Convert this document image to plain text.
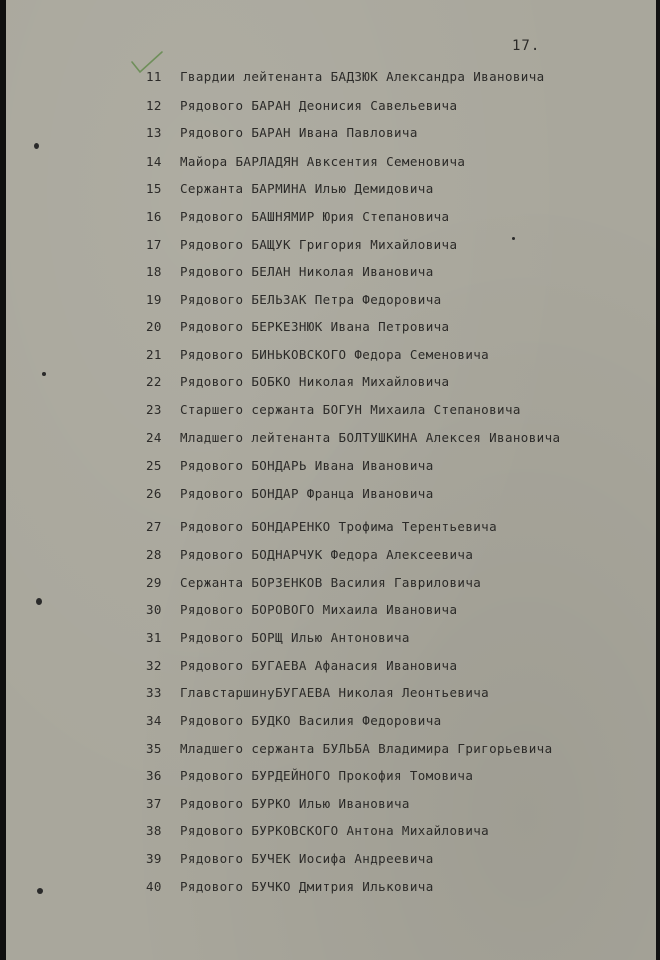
17.
11	Гвардии лейтенанта БАДЗЮК Александра Ивановича
12	Рядового БАРАН Деонисия Савельевича
13	Рядового БАРАН Ивана Павловича
14	Майора БАРЛАДЯН Авксентия Семеновича
15	Сержанта БАРМИНА Илью Демидовича
16	Рядового БАШНЯМИР Юрия Степановича
17	Рядового БАЩУК Григория Михайловича
18	Рядового БЕЛАН Николая Ивановича
19	Рядового БЕЛЬЗАК Петра Федоровича
20	Рядового БЕРКЕЗНЮК Ивана Петровича
21	Рядового БИНЬКОВСКОГО Федора Семеновича
22	Рядового БОБКО Николая Михайловича
23	Старшего сержанта БОГУН Михаила Степановича
24	Младшего лейтенанта БОЛТУШКИНА Алексея Ивановича
25	Рядового БОНДАРЬ Ивана Ивановича
26	Рядового БОНДАР Франца Ивановича
27	Рядового БОНДАРЕНКО Трофима Терентьевича
28	Рядового БОДНАРЧУК Федора Алексеевича
29	Сержанта БОРЗЕНКОВ Василия Гавриловича
30	Рядового БОРОВОГО Михаила Ивановича
31	Рядового БОРЩ Илью Антоновича
32	Рядового БУГАЕВА Афанасия Ивановича
33	ГлавстаршинуБУГАЕВА Николая Леонтьевича
34	Рядового БУДКО Василия Федоровича
35	Младшего сержанта БУЛЬБА Владимира Григорьевича
36	Рядового БУРДЕЙНОГО Прокофия Томовича
37	Рядового БУРКО Илью Ивановича
38	Рядового БУРКОВСКОГО Антона Михайловича
39	Рядового БУЧЕК Иосифа Андреевича
40	Рядового БУЧКО Дмитрия Ильковича
